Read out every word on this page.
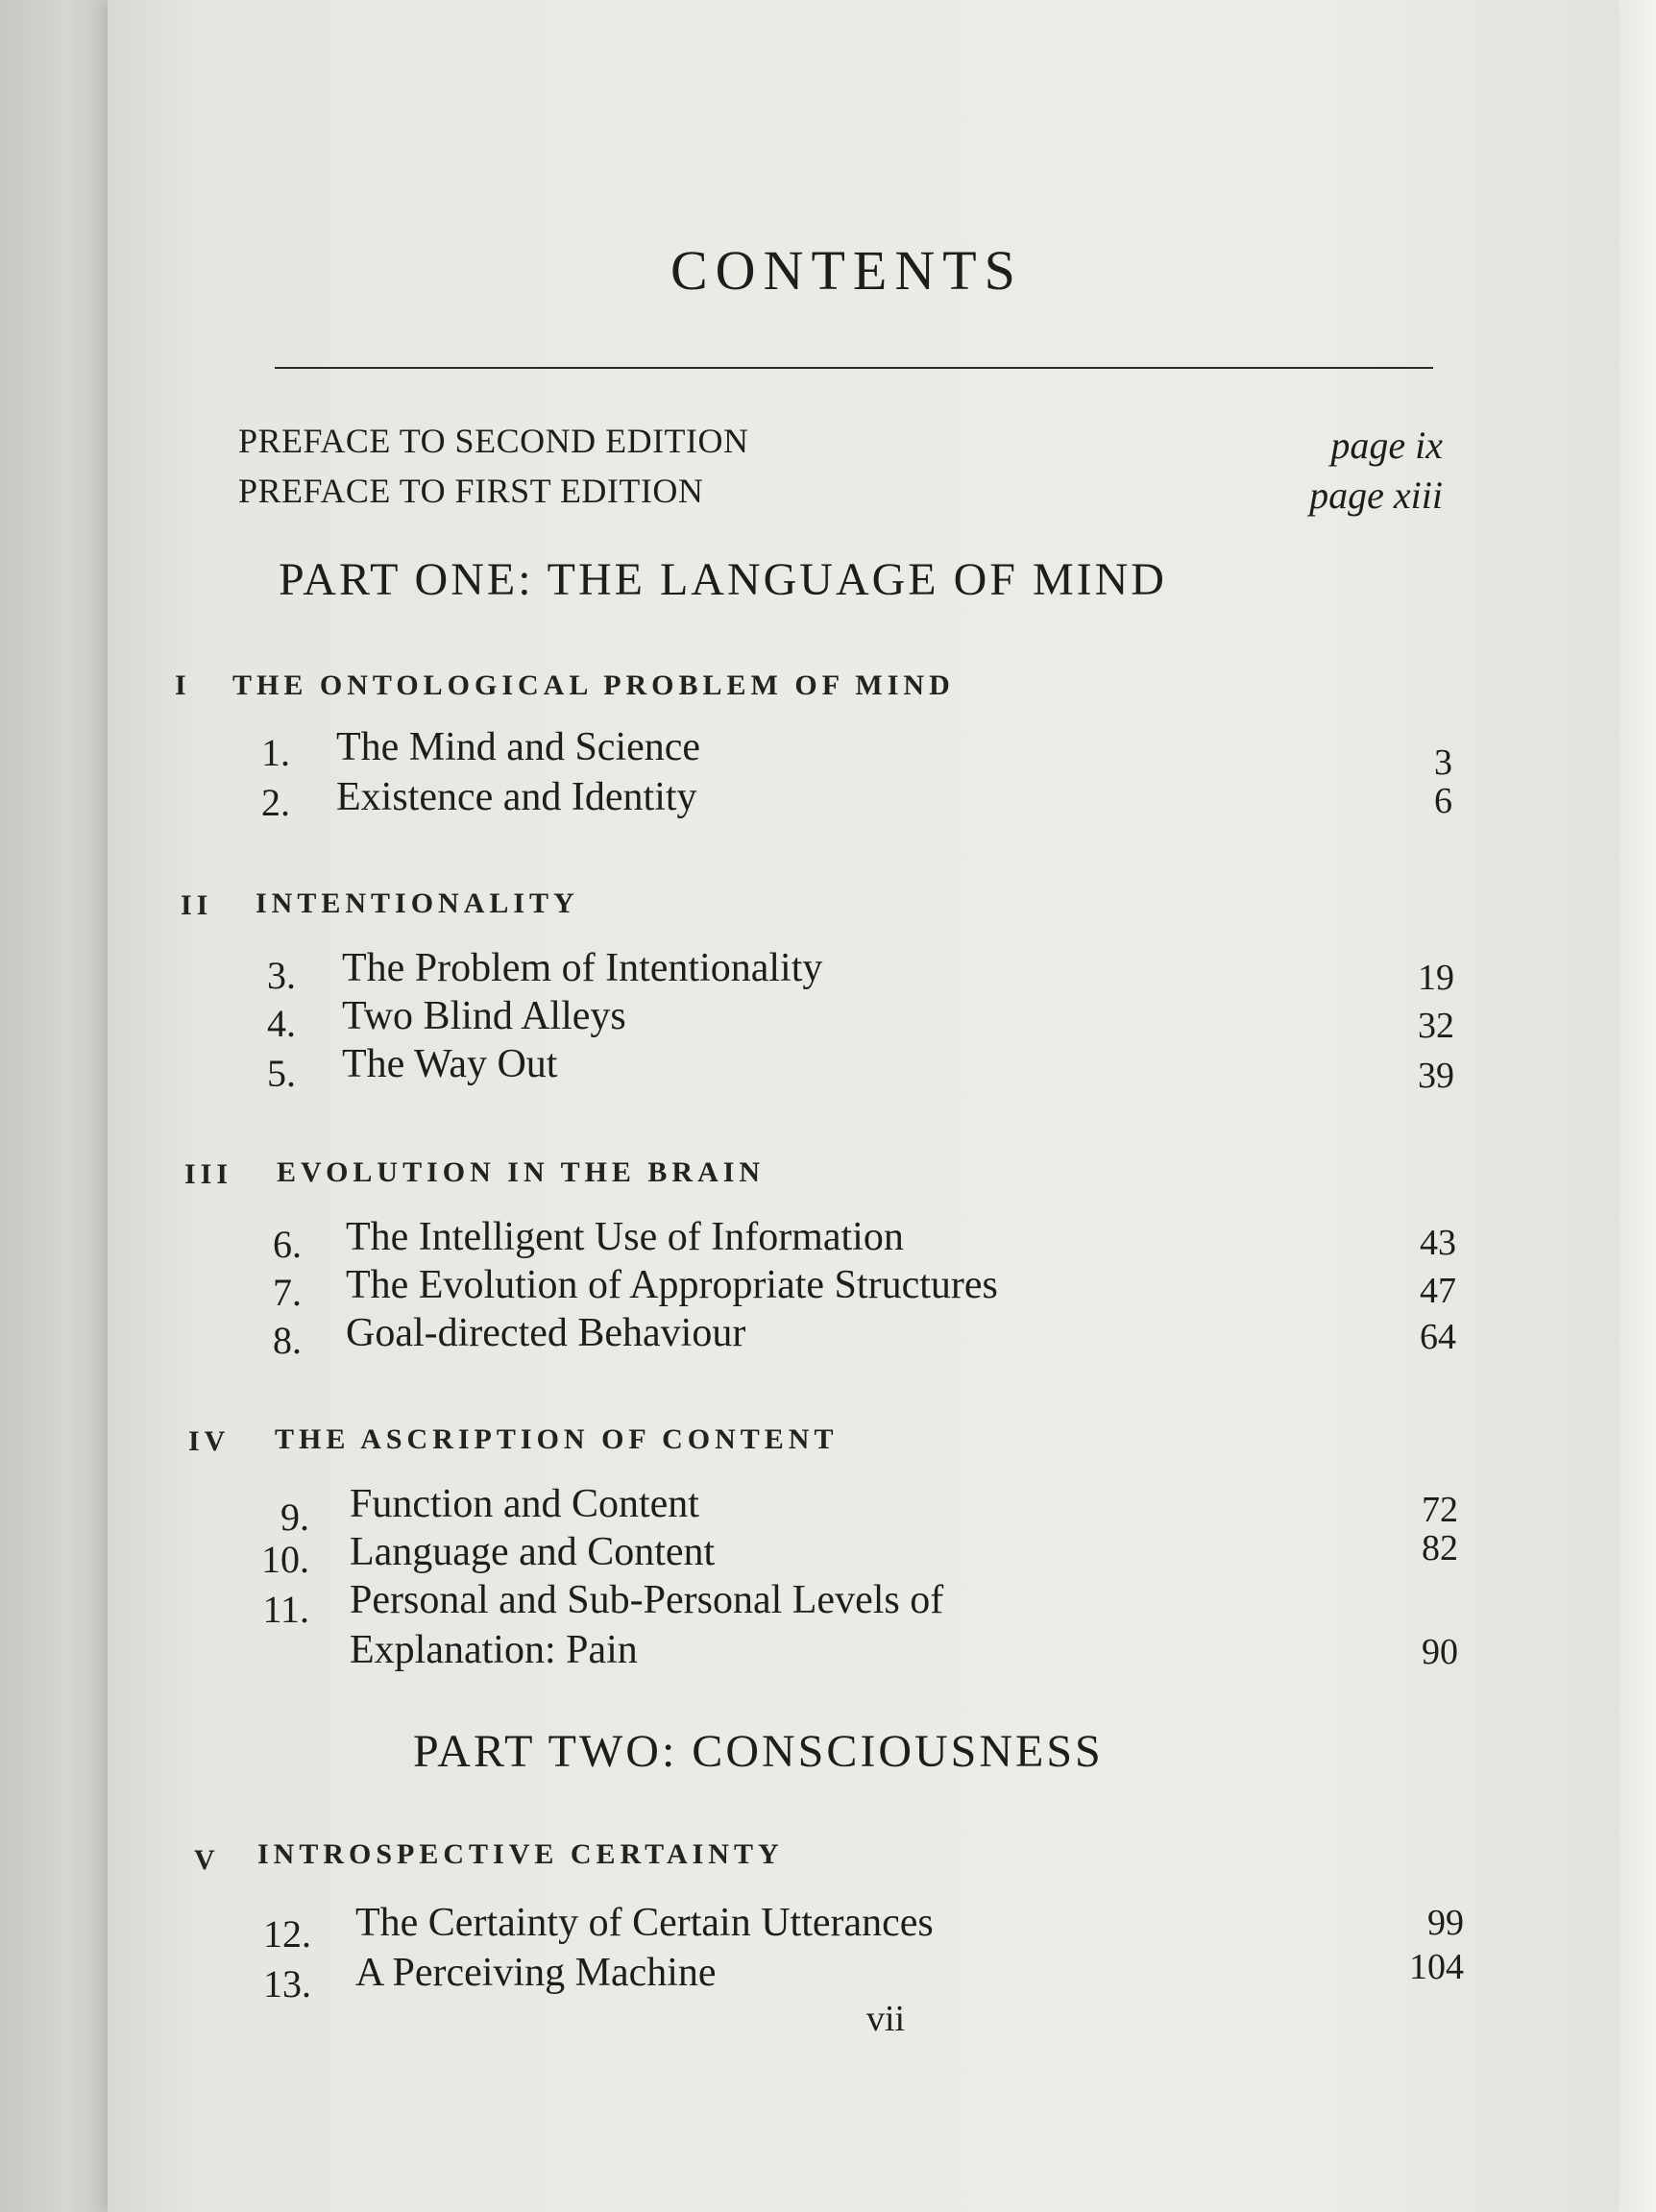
CONTENTS
PREFACE TO SECOND EDITION	page ix
PREFACE TO FIRST EDITION	page xiii
PART ONE: THE LANGUAGE OF MIND
I THE ONTOLOGICAL PROBLEM OF MIND
1. The Mind and Science	3
2. Existence and Identity	6
II INTENTIONALITY
3. The Problem of Intentionality	19
4. Two Blind Alleys	32
5. The Way Out	39
III EVOLUTION IN THE BRAIN
6. The Intelligent Use of Information	43
7. The Evolution of Appropriate Structures	47
8. Goal-directed Behaviour	64
IV THE ASCRIPTION OF CONTENT
9. Function and Content	72
10. Language and Content	82
11. Personal and Sub-Personal Levels of
Explanation: Pain	90
PART TWO: CONSCIOUSNESS
V INTROSPECTIVE CERTAINTY
12. The Certainty of Certain Utterances	99
13. A Perceiving Machine	104
vii
